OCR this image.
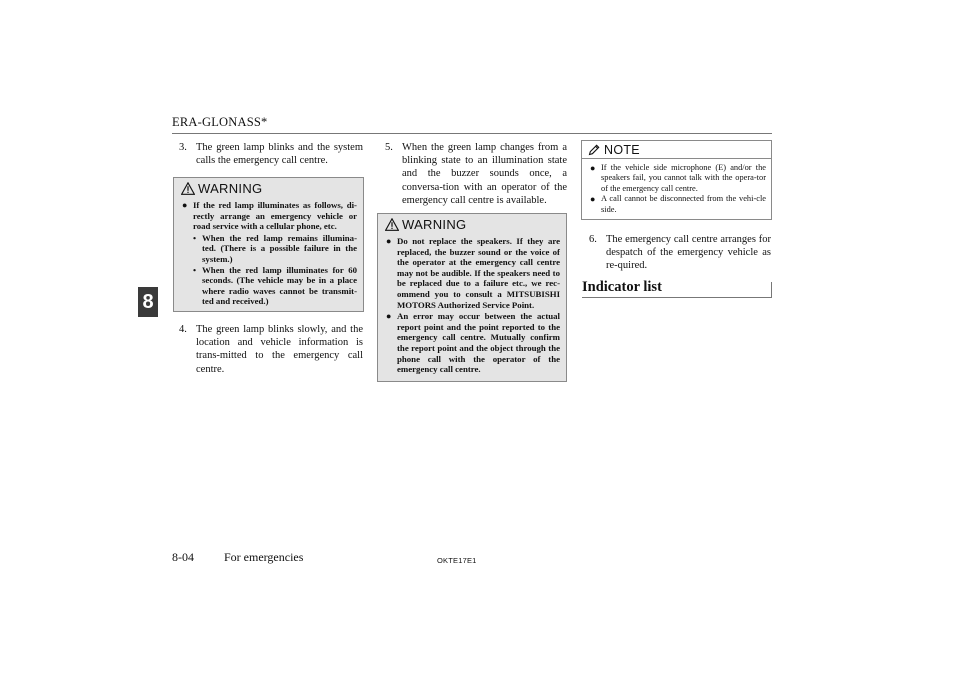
ERA-GLONASS*
8
3. The green lamp blinks and the system calls the emergency call centre.
WARNING
● If the red lamp illuminates as follows, di-rectly arrange an emergency vehicle or road service with a cellular phone, etc.
• When the red lamp remains illumina-ted. (There is a possible failure in the system.)
• When the red lamp illuminates for 60 seconds. (The vehicle may be in a place where radio waves cannot be transmit-ted and received.)
4. The green lamp blinks slowly, and the location and vehicle information is trans-mitted to the emergency call centre.
5. When the green lamp changes from a blinking state to an illumination state and the buzzer sounds once, a conversa-tion with an operator of the emergency call centre is available.
WARNING
● Do not replace the speakers. If they are replaced, the buzzer sound or the voice of the operator at the emergency call centre may not be audible. If the speakers need to be replaced due to a failure etc., we rec-ommend you to consult a MITSUBISHI MOTORS Authorized Service Point.
● An error may occur between the actual report point and the point reported to the emergency call centre. Mutually confirm the report point and the object through the phone call with the operator of the emergency call centre.
NOTE
● If the vehicle side microphone (E) and/or the speakers fail, you cannot talk with the opera-tor of the emergency call centre.
● A call cannot be disconnected from the vehi-cle side.
6. The emergency call centre arranges for despatch of the emergency vehicle as re-quired.
Indicator list
8-04	For emergencies	OKTE17E1
